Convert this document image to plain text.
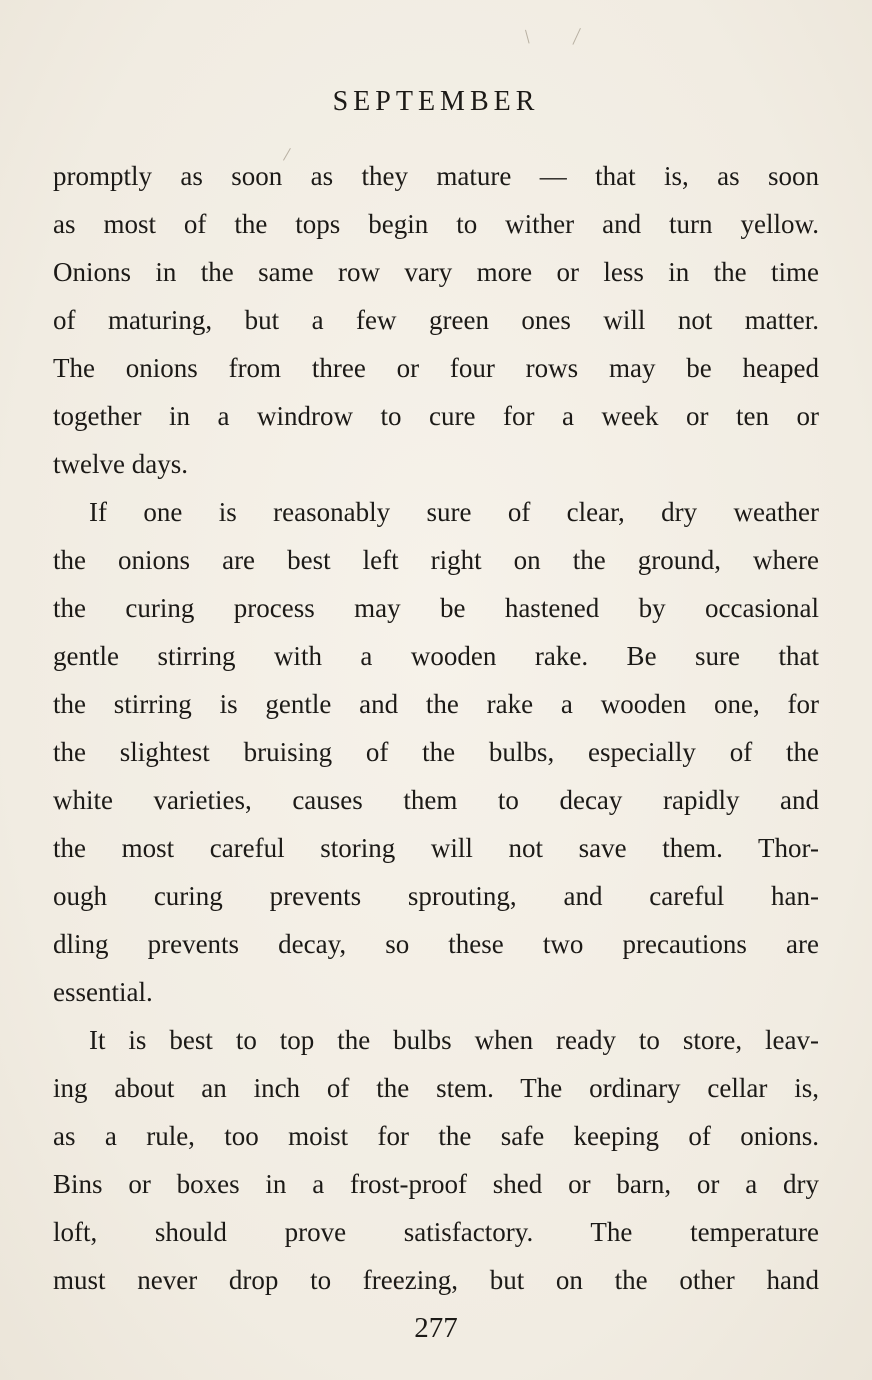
SEPTEMBER
promptly as soon as they mature — that is, as soon
as most of the tops begin to wither and turn yellow.
Onions in the same row vary more or less in the time
of maturing, but a few green ones will not matter.
The onions from three or four rows may be heaped
together in a windrow to cure for a week or ten or
twelve days.
If one is reasonably sure of clear, dry weather
the onions are best left right on the ground, where
the curing process may be hastened by occasional
gentle stirring with a wooden rake. Be sure that
the stirring is gentle and the rake a wooden one, for
the slightest bruising of the bulbs, especially of the
white varieties, causes them to decay rapidly and
the most careful storing will not save them. Thor-
ough curing prevents sprouting, and careful han-
dling prevents decay, so these two precautions are
essential.
It is best to top the bulbs when ready to store, leav-
ing about an inch of the stem. The ordinary cellar is,
as a rule, too moist for the safe keeping of onions.
Bins or boxes in a frost-proof shed or barn, or a dry
loft, should prove satisfactory. The temperature
must never drop to freezing, but on the other hand
277
